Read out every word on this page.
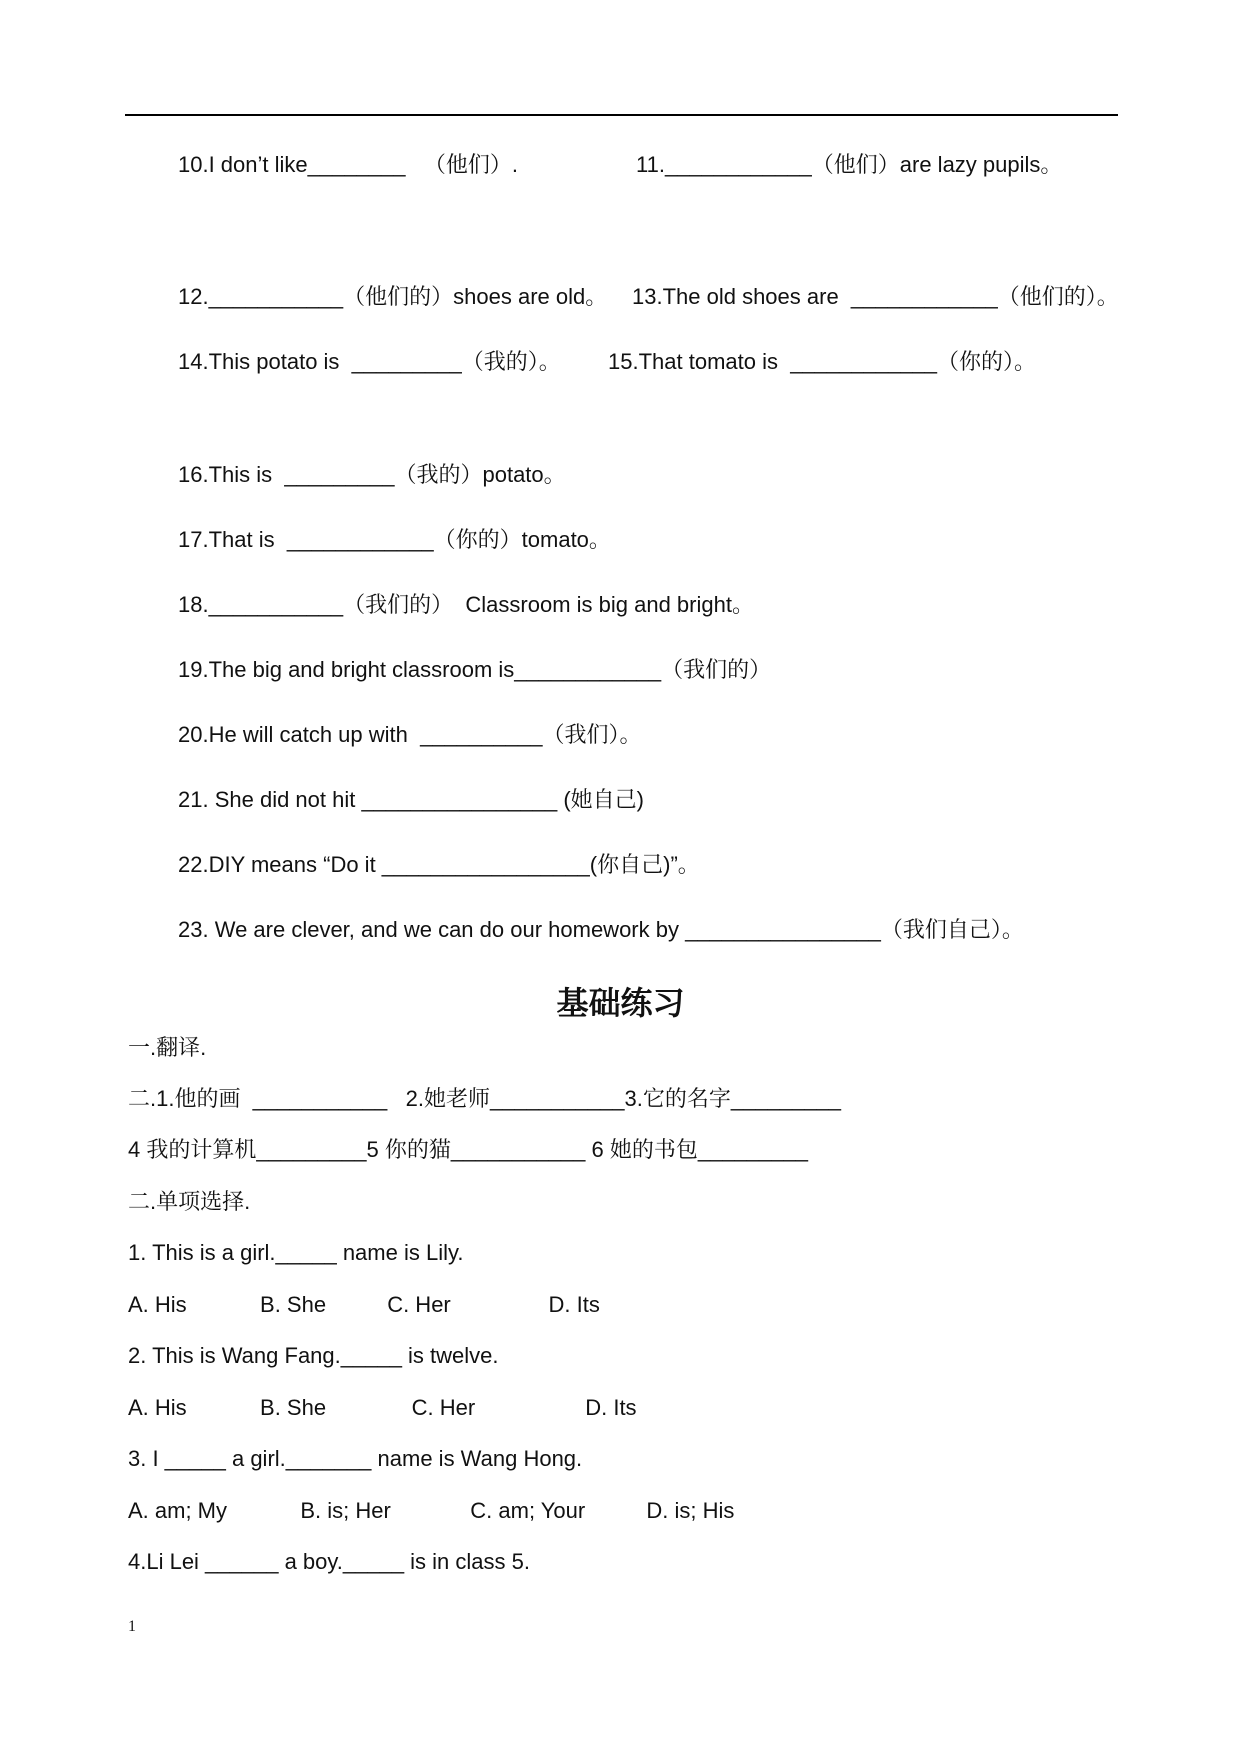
10.I don’t like________   （他们）.	11.____________（他们）are lazy pupils。
12.___________（他们的）shoes are old。 13.The old shoes are  ____________（他们的）。
14.This potato is  _________（我的）。 15.That tomato is  ____________（你的）。
16.This is  _________（我的）potato。
17.That is  ____________（你的）tomato。
18.___________（我们的）  Classroom is big and bright。
19.The big and bright classroom is____________（我们的）
20.He will catch up with  __________（我们）。
21. She did not hit ________________ (她自己)
22.DIY means “Do it _________________(你自己)”。
23. We are clever, and we can do our homework by ________________（我们自己）。
基础练习
一.翻译.
二.1.他的画  ___________   2.她老师___________3.它的名字_________
4 我的计算机_________5 你的猫___________ 6 她的书包_________
二.单项选择.
1. This is a girl._____ name is Lily.
A. His            B. She          C. Her                D. Its
2. This is Wang Fang._____ is twelve.
A. His            B. She              C. Her                  D. Its
3. I _____ a girl._______ name is Wang Hong.
A. am; My            B. is; Her             C. am; Your          D. is; His
4.Li Lei ______ a boy._____ is in class 5.
1
